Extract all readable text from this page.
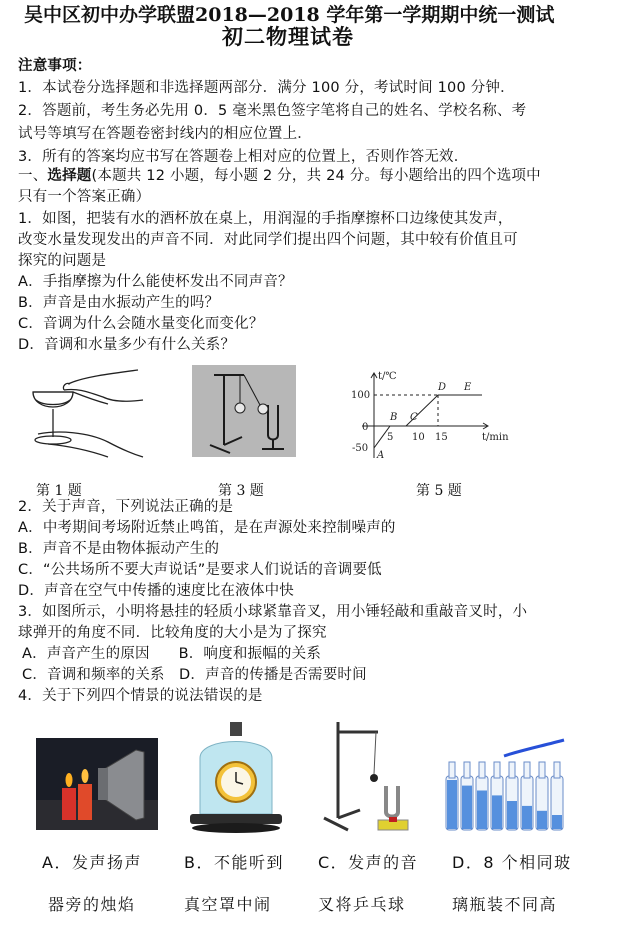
吴中区初中办学联盟2018—2018 学年第一学期期中统一测试
初二物理试卷
注意事项：
1．本试卷分选择题和非选择题两部分．满分 100 分，考试时间 100 分钟．
2．答题前，考生务必先用 0．5 毫米黑色签字笔将自己的姓名、学校名称、考
试号等填写在答题卷密封线内的相应位置上．
3．所有的答案均应书写在答题卷上相对应的位置上，否则作答无效．
一、选择题(本题共 12 小题，每小题 2 分，共 24 分。每小题给出的四个选项中
只有一个答案正确）
1．如图，把装有水的酒杯放在桌上，用润湿的手指摩擦杯口边缘使其发声，
改变水量发现发出的声音不同．对此同学们提出四个问题，其中较有价值且可
探究的问题是
A．手指摩擦为什么能使杯发出不同声音？
B．声音是由水振动产生的吗？
C．音调为什么会随水量变化而变化？
D．音调和水量多少有什么关系？
t/℃
t/min
100
0
-50
5 10 15
A
B C
D E
第 1 题	第 3 题	第 5 题
2．关于声音，下列说法正确的是
A．中考期间考场附近禁止鸣笛，是在声源处来控制噪声的
B．声音不是由物体振动产生的
C．“公共场所不要大声说话”是要求人们说话的音调要低
D．声音在空气中传播的速度比在液体中快
3．如图所示，小明将悬挂的轻质小球紧靠音叉，用小锤轻敲和重敲音叉时，小
球弹开的角度不同．比较角度的大小是为了探究
A．声音产生的原因      B．响度和振幅的关系
C．音调和频率的关系   D．声音的传播是否需要时间
4．关于下列四个情景的说法错误的是
A．发声扬声
器旁的烛焰
B．不能听到
真空罩中闹
C．发声的音
叉将乒乓球
D．8 个相同玻
璃瓶装不同高
